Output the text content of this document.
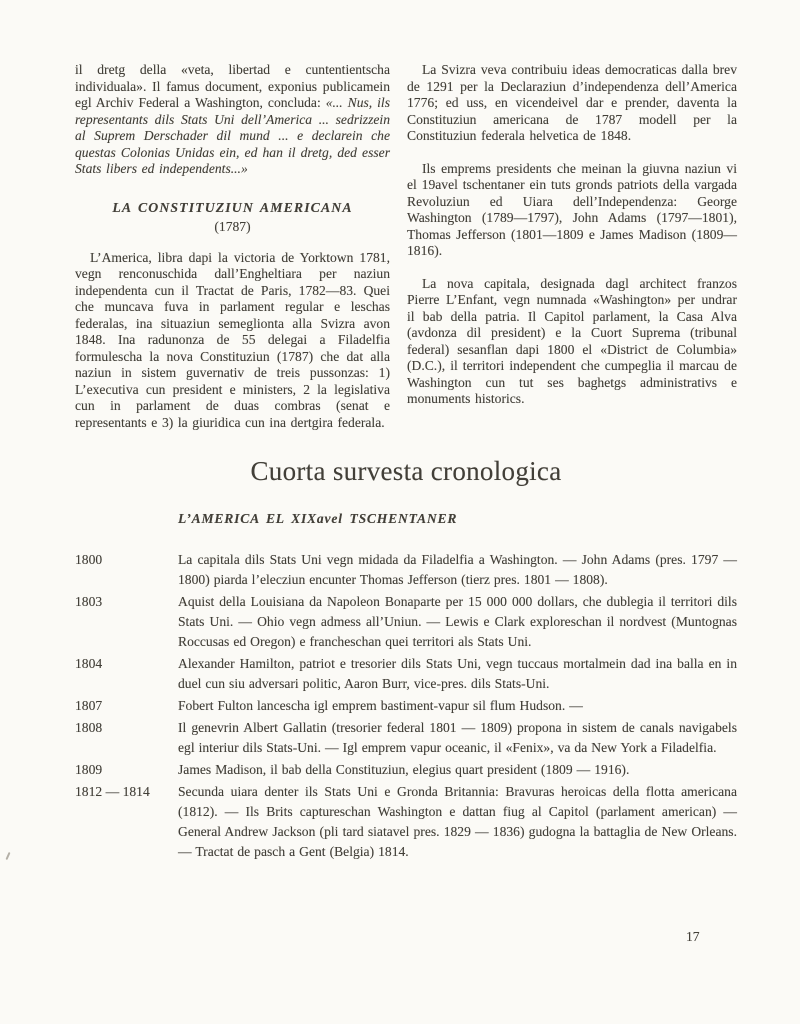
il dretg della «veta, libertad e cuntentientscha individuala». Il famus document, exponius publicamein egl Archiv Federal a Washington, concluda: «... Nus, ils representants dils Stats Uni dell’America ... sedrizzein al Suprem Derschader dil mund ... e declarein che questas Colonias Unidas ein, ed han il dretg, ded esser Stats libers ed independents...»

LA CONSTITUZIUN AMERICANA
(1787)

L’America, libra dapi la victoria de Yorktown 1781, vegn renconuschida dall’Engheltiara per naziun independenta cun il Tractat de Paris, 1782—83. Quei che muncava fuva in parlament regular e leschas federalas, ina situaziun semeglionta alla Svizra avon 1848. Ina radunonza de 55 delegai a Filadelfia formulescha la nova Constituziun (1787) che dat alla naziun in sistem guvernativ de treis pussonzas: 1) L’executiva cun president e ministers, 2 la legislativa cun in parlament de duas combras (senat e representants e 3) la giuridica cun ina dertgira federala.

La Svizra veva contribuiu ideas democraticas dalla brev de 1291 per la Declaraziun d’independenza dell’America 1776; ed uss, en vicendeivel dar e prender, daventa la Constituziun americana de 1787 modell per la Constituziun federala helvetica de 1848.

Ils emprems presidents che meinan la giuvna naziun vi el 19avel tschentaner ein tuts gronds patriots della vargada Revoluziun ed Uiara dell’Independenza: George Washington (1789—1797), John Adams (1797—1801), Thomas Jefferson (1801—1809 e James Madison (1809—1816).

La nova capitala, designada dagl architect franzos Pierre L’Enfant, vegn numnada «Washington» per undrar il bab della patria. Il Capitol parlament, la Casa Alva (avdonza dil president) e la Cuort Suprema (tribunal federal) sesanflan dapi 1800 el «District de Columbia» (D.C.), il territori independent che cumpeglia il marcau de Washington cun tut ses baghetgs administrativs e monuments historics.

Cuorta survesta cronologica
L’AMERICA EL XIXavel TSCHENTANER
1800	La capitala dils Stats Uni vegn midada da Filadelfia a Washington. — John Adams (pres. 1797 — 1800) piarda l’elecziun encunter Thomas Jefferson (tierz pres. 1801 — 1808).

1803	Aquist della Louisiana da Napoleon Bonaparte per 15 000 000 dollars, che dublegia il territori dils Stats Uni. — Ohio vegn admess all’Uniun. — Lewis e Clark exploreschan il nordvest (Muntognas Roccusas ed Oregon) e francheschan quei territori als Stats Uni.

1804	Alexander Hamilton, patriot e tresorier dils Stats Uni, vegn tuccaus mortalmein dad ina balla en in duel cun siu adversari politic, Aaron Burr, vice-pres. dils Stats-Uni.

1807	Fobert Fulton lancescha igl emprem bastiment-vapur sil flum Hudson. —

1808	Il genevrin Albert Gallatin (tresorier federal 1801 — 1809) propona in sistem de canals navigabels egl interiur dils Stats-Uni. — Igl emprem vapur oceanic, il «Fenix», va da New York a Filadelfia.

1809	James Madison, il bab della Constituziun, elegius quart president (1809 — 1916).

1812 — 1814	Secunda uiara denter ils Stats Uni e Gronda Britannia: Bravuras heroicas della flotta americana (1812). — Ils Brits captureschan Washington e dattan fiug al Capitol (parlament american) — General Andrew Jackson (pli tard siatavel pres. 1829 — 1836) gudogna la battaglia de New Orleans. — Tractat de pasch a Gent (Belgia) 1814.

17
